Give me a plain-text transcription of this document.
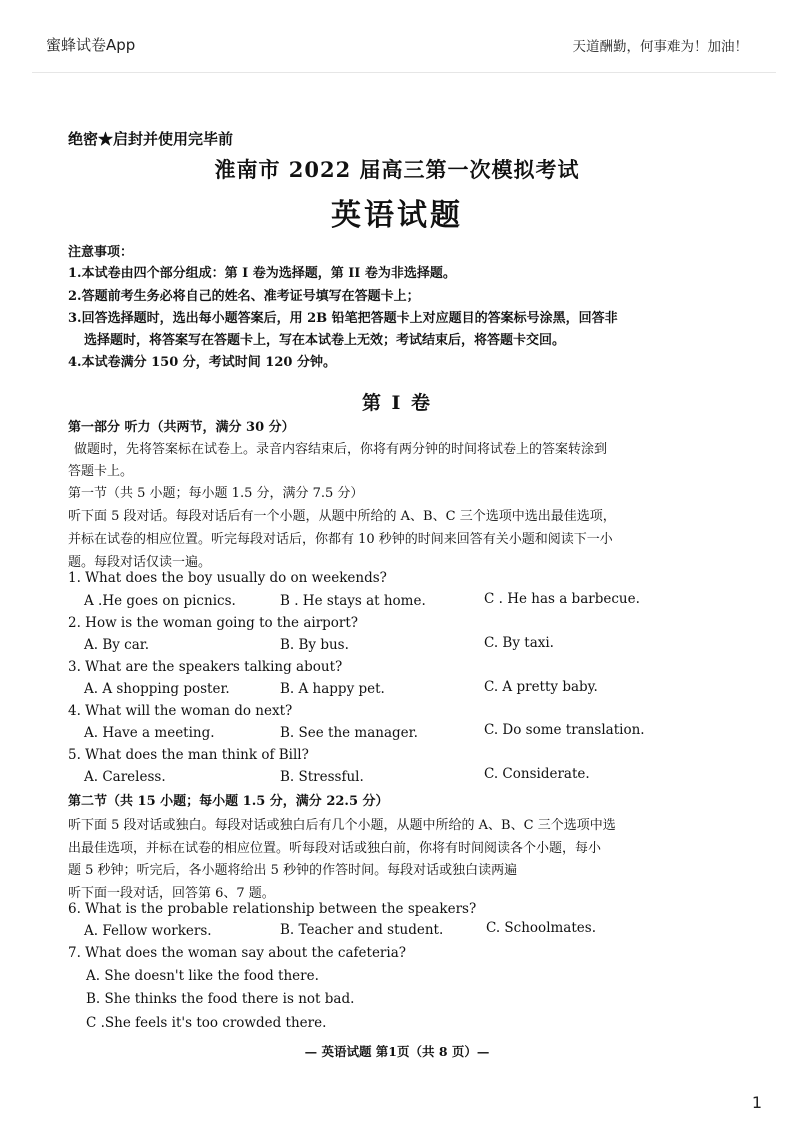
蜜蜂试卷App	天道酬勤，何事难为！加油！
绝密★启封并使用完毕前
淮南市 2022 届高三第一次模拟考试
英语试题
注意事项：
1.本试卷由四个部分组成：第 I 卷为选择题，第 II 卷为非选择题。
2.答题前考生务必将自己的姓名、准考证号填写在答题卡上；
3.回答选择题时，选出每小题答案后，用 2B 铅笔把答题卡上对应题目的答案标号涂黑，回答非
选择题时，将答案写在答题卡上，写在本试卷上无效；考试结束后，将答题卡交回。
4.本试卷满分 150 分，考试时间 120 分钟。
第 I 卷
第一部分 听力（共两节，满分 30 分）
做题时，先将答案标在试卷上。录音内容结束后，你将有两分钟的时间将试卷上的答案转涂到
答题卡上。
第一节（共 5 小题；每小题 1.5 分，满分 7.5 分）
听下面 5 段对话。每段对话后有一个小题，从题中所给的 A、B、C 三个选项中选出最佳选项，
并标在试卷的相应位置。听完每段对话后，你都有 10 秒钟的时间来回答有关小题和阅读下一小
题。每段对话仅读一遍。
1. What does the boy usually do on weekends?
A .He goes on picnics.	B . He stays at home.	C . He has a barbecue.
2. How is the woman going to the airport?
A. By car.	B. By bus.	C. By taxi.
3. What are the speakers talking about?
A. A shopping poster.	B. A happy pet.	C. A pretty baby.
4. What will the woman do next?
A. Have a meeting.	B. See the manager.	C. Do some translation.
5. What does the man think of Bill?
A. Careless.	B. Stressful.	C. Considerate.
第二节（共 15 小题；每小题 1.5 分，满分 22.5 分）
听下面 5 段对话或独白。每段对话或独白后有几个小题，从题中所给的 A、B、C 三个选项中选
出最佳选项，并标在试卷的相应位置。听每段对话或独白前，你将有时间阅读各个小题，每小
题 5 秒钟；听完后，各小题将给出 5 秒钟的作答时间。每段对话或独白读两遍
听下面一段对话，回答第 6、7 题。
6. What is the probable relationship between the speakers?
A. Fellow workers.	B. Teacher and student.	C. Schoolmates.
7. What does the woman say about the cafeteria?
A. She doesn't like the food there.
B. She thinks the food there is not bad.
C .She feels it's too crowded there.
— 英语试题 第1页（共 8 页）—
1
